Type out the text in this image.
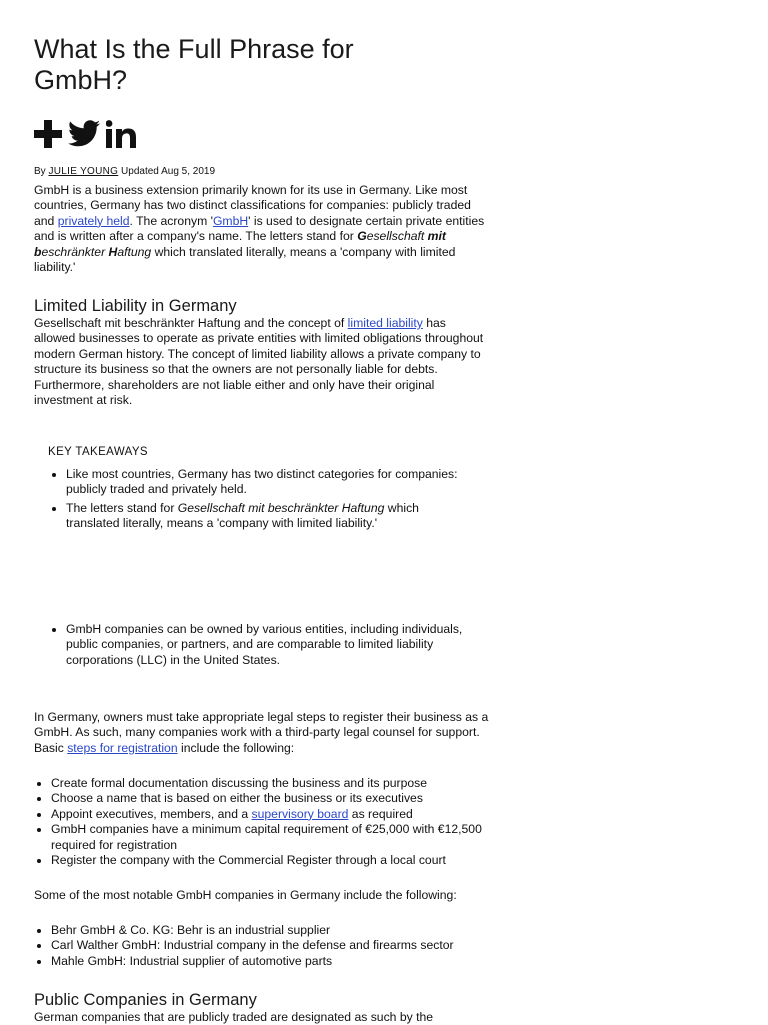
What Is the Full Phrase for GmbH?
By JULIE YOUNG Updated Aug 5, 2019

GmbH is a business extension primarily known for its use in Germany. Like most countries, Germany has two distinct classifications for companies: publicly traded and privately held. The acronym 'GmbH' is used to designate certain private entities and is written after a company's name. The letters stand for Gesellschaft mit beschränkter Haftung which translated literally, means a 'company with limited liability.'

Limited Liability in Germany

Gesellschaft mit beschränkter Haftung and the concept of limited liability has allowed businesses to operate as private entities with limited obligations throughout modern German history. The concept of limited liability allows a private company to structure its business so that the owners are not personally liable for debts. Furthermore, shareholders are not liable either and only have their original investment at risk.

KEY TAKEAWAYS
• Like most countries, Germany has two distinct categories for companies: publicly traded and privately held.
• The letters stand for Gesellschaft mit beschränkter Haftung which translated literally, means a 'company with limited liability.'
• GmbH companies can be owned by various entities, including individuals, public companies, or partners, and are comparable to limited liability corporations (LLC) in the United States.

In Germany, owners must take appropriate legal steps to register their business as a GmbH. As such, many companies work with a third-party legal counsel for support. Basic steps for registration include the following:

• Create formal documentation discussing the business and its purpose
• Choose a name that is based on either the business or its executives
• Appoint executives, members, and a supervisory board as required
• GmbH companies have a minimum capital requirement of €25,000 with €12,500 required for registration
• Register the company with the Commercial Register through a local court

Some of the most notable GmbH companies in Germany include the following:

• Behr GmbH & Co. KG: Behr is an industrial supplier
• Carl Walther GmbH: Industrial company in the defense and firearms sector
• Mahle GmbH: Industrial supplier of automotive parts
Public Companies in Germany

German companies that are publicly traded are designated as such by the
